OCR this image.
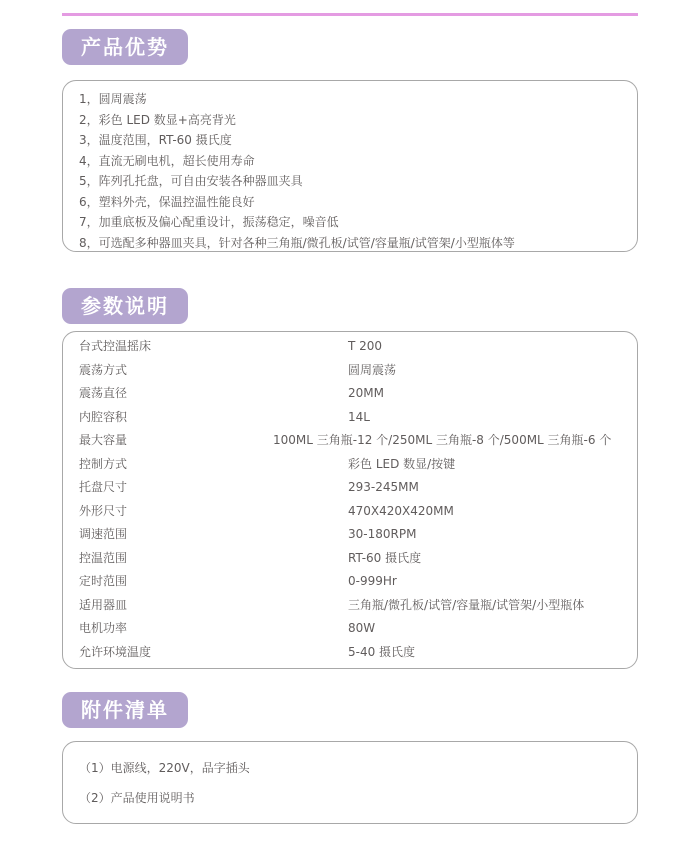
产品优势
1，圆周震荡
2，彩色 LED 数显+高亮背光
3，温度范围，RT-60 摄氏度
4，直流无刷电机，超长使用寿命
5，阵列孔托盘，可自由安装各种器皿夹具
6，塑料外壳，保温控温性能良好
7，加重底板及偏心配重设计，振荡稳定，噪音低
8，可选配多种器皿夹具，针对各种三角瓶/微孔板/试管/容量瓶/试管架/小型瓶体等
参数说明
台式控温摇床	T 200
震荡方式	圆周震荡
震荡直径	20MM
内腔容积	14L
最大容量	100ML 三角瓶-12 个/250ML 三角瓶-8 个/500ML 三角瓶-6 个
控制方式	彩色 LED 数显/按键
托盘尺寸	293-245MM
外形尺寸	470X420X420MM
调速范围	30-180RPM
控温范围	RT-60 摄氏度
定时范围	0-999Hr
适用器皿	三角瓶/微孔板/试管/容量瓶/试管架/小型瓶体
电机功率	80W
允许环境温度	5-40 摄氏度
附件清单
（1）电源线，220V，品字插头
（2）产品使用说明书
